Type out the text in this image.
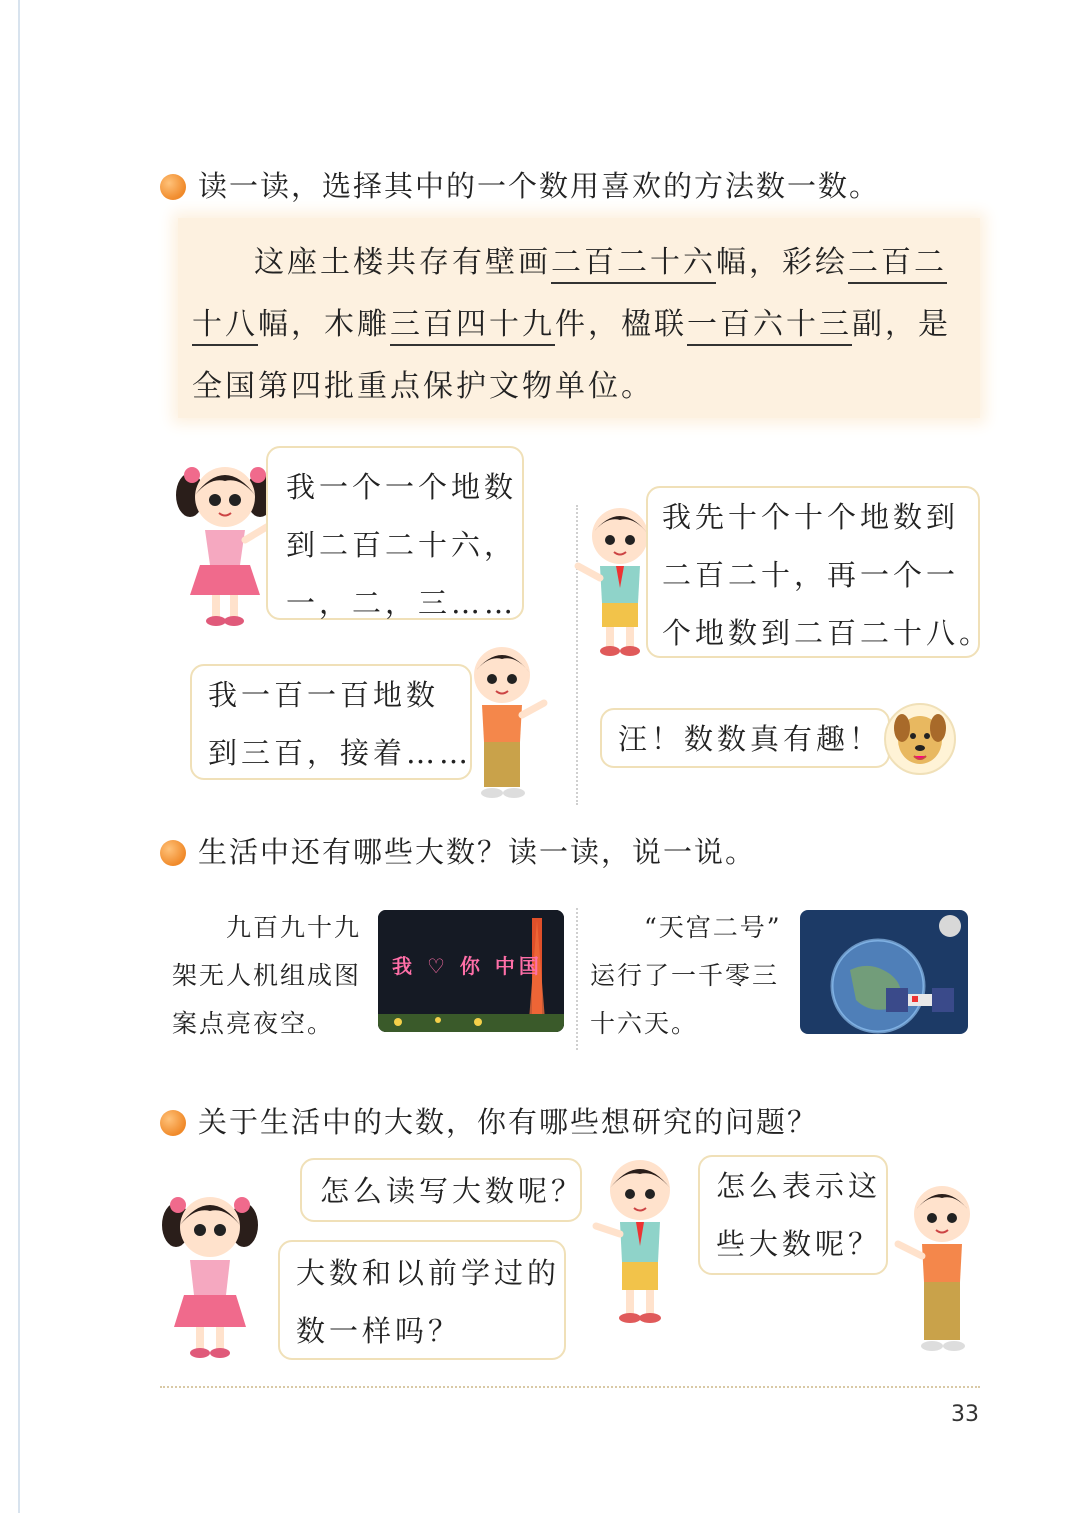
读一读，选择其中的一个数用喜欢的方法数一数。
这座土楼共存有壁画二百二十六幅，彩绘二百二
十八幅，木雕三百四十九件，楹联一百六十三副，是
全国第四批重点保护文物单位。
我一个一个地数
到二百二十六，
一，二，三……
我先十个十个地数到
二百二十，再一个一
个地数到二百二十八。
我一百一百地数
到三百，接着……	汪！数数真有趣！
生活中还有哪些大数？读一读，说一说。
九百九十九
架无人机组成图
案点亮夜空。
我 ♡ 你 中国
“天宫二号”
运行了一千零三
十六天。
关于生活中的大数，你有哪些想研究的问题？
怎么读写大数呢？
大数和以前学过的
数一样吗？
怎么表示这
些大数呢？
33
